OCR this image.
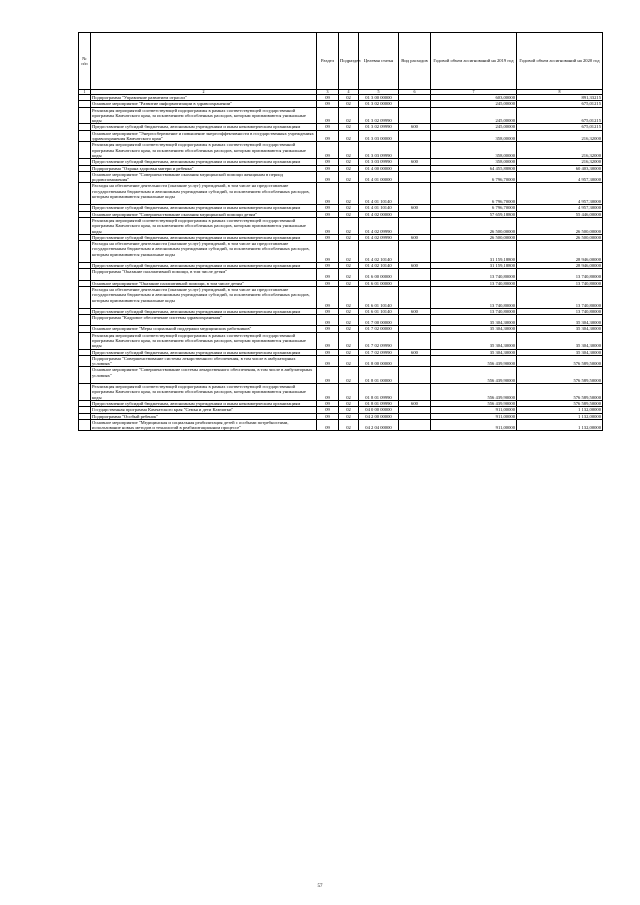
№ п/п		Раздел	Подраздел	Целевая статья	Вид расходов	Годовой объем ассигнований на 2019 год	Годовой объем ассигнований на 2020 год
1	2	3	4	5	6	7	8
	Подпрограмма "Управление развитием отрасли"	09	02	01 3 00 00000		603,00000	891,33215
	Основное мероприятие "Развитие информатизации в здравоохранении"	09	02	01 3 02 00000		245,00000	675,01215
	Реализация мероприятий соответствующей подпрограммы в рамках соответствующей государственной программы Камчатского края, за исключением обособленных расходов, которым присваиваются уникальные коды	09	02	01 3 02 09990		245,00000	675,01215
	Предоставление субсидий бюджетным, автономным учреждениям и иным некоммерческим организациям	09	02	01 3 02 09990	600	245,00000	675,01215
	Основное мероприятие "Энергосбережение и повышение энергоэффективности в государственных учреждениях здравоохранения Камчатского края"	09	02	01 3 03 00000		358,00000	216,32000
	Реализация мероприятий соответствующей подпрограммы в рамках соответствующей государственной программы Камчатского края, за исключением обособленных расходов, которым присваиваются уникальные коды	09	02	01 3 03 09990		358,00000	216,32000
	Предоставление субсидий бюджетным, автономным учреждениям и иным некоммерческим организациям	09	02	01 3 03 09990	600	358,00000	216,32000
	Подпрограмма "Охрана здоровья матери и ребенка"	09	02	01 4 00 00000		64 455,88800	60 403,30000
	Основное мероприятие "Совершенствование оказания медицинской помощи женщинам в период родовспоможения"	09	02	01 4 01 00000		6 796,70000	4 957,30000
	Расходы на обеспечение деятельности (оказание услуг) учреждений, в том числе на предоставление государственным бюджетным и автономным учреждениям субсидий, за исключением обособленных расходов, которым присваиваются уникальные коды	09	02	01 4 01 10140		6 796,70000	4 957,30000
	Предоставление субсидий бюджетным, автономным учреждениям и иным некоммерческим организациям	09	02	01 4 01 10140	600	6 796,70000	4 957,30000
	Основное мероприятие "Совершенствование оказания медицинской помощи детям"	09	02	01 4 02 00000		57 659,18800	55 446,00000
	Реализация мероприятий соответствующей подпрограммы в рамках соответствующей государственной программы Камчатского края, за исключением обособленных расходов, которым присваиваются уникальные коды	09	02	01 4 02 09990		26 500,00000	26 500,00000
	Предоставление субсидий бюджетным, автономным учреждениям и иным некоммерческим организациям	09	02	01 4 02 09990	600	26 500,00000	26 500,00000
	Расходы на обеспечение деятельности (оказание услуг) учреждений, в том числе на предоставление государственным бюджетным и автономным учреждениям субсидий, за исключением обособленных расходов, которым присваиваются уникальные коды	09	02	01 4 02 10140		31 159,18800	28 946,00000
	Предоставление субсидий бюджетным, автономным учреждениям и иным некоммерческим организациям	09	02	01 4 02 10140	600	31 159,18800	28 946,00000
	Подпрограмма "Оказание паллиативной помощи, в том числе детям"	09	02	01 6 00 00000		13 740,80000	13 740,80000
	Основное мероприятие "Оказание паллиативной помощи, в том числе детям"	09	02	01 6 01 00000		13 740,80000	13 740,80000
	Расходы на обеспечение деятельности (оказание услуг) учреждений, в том числе на предоставление государственным бюджетным и автономным учреждениям субсидий, за исключением обособленных расходов, которым присваиваются уникальные коды	09	02	01 6 01 10140		13 740,80000	13 740,80000
	Предоставление субсидий бюджетным, автономным учреждениям и иным некоммерческим организациям	09	02	01 6 01 10140	600	13 740,80000	13 740,80000
	Подпрограмма "Кадровое обеспечение системы здравоохранения"	09	02	01 7 00 00000		35 304,30000	35 304,30000
	Основное мероприятие "Меры социальной поддержки медицинских работников"	09	02	01 7 02 00000		35 304,30000	35 304,30000
	Реализация мероприятий соответствующей подпрограммы в рамках соответствующей государственной программы Камчатского края, за исключением обособленных расходов, которым присваиваются уникальные коды	09	02	01 7 02 09990		35 304,30000	35 304,30000
	Предоставление субсидий бюджетным, автономным учреждениям и иным некоммерческим организациям	09	02	01 7 02 09990	600	35 304,30000	35 304,30000
	Подпрограмма "Совершенствование системы лекарственного обеспечения, в том числе в амбулаторных условиях"	09	02	01 8 00 00000		556 439,90000	576 589,50000
	Основное мероприятие "Совершенствование системы лекарственного обеспечения, в том числе в амбулаторных условиях"	09	02	01 8 01 00000		556 439,90000	576 589,50000
	Реализация мероприятий соответствующей подпрограммы в рамках соответствующей государственной программы Камчатского края, за исключением обособленных расходов, которым присваиваются уникальные коды	09	02	01 8 01 09990		556 439,90000	576 589,50000
	Предоставление субсидий бюджетным, автономным учреждениям и иным некоммерческим организациям	09	02	01 8 01 09990	600	556 439,90000	576 589,50000
	Государственная программа Камчатского края "Семья и дети Камчатки"	09	02	04 0 00 00000		911,00000	1 132,00000
	Подпрограмма "Особый ребенок"	09	02	04 2 00 00000		911,00000	1 132,00000
	Основное мероприятие "Медицинская и социальная реабилитация детей с особыми потребностями, использование новых методов и технологий в реабилитационном процессе"	09	02	04 2 04 00000		911,00000	1 132,00000
57
